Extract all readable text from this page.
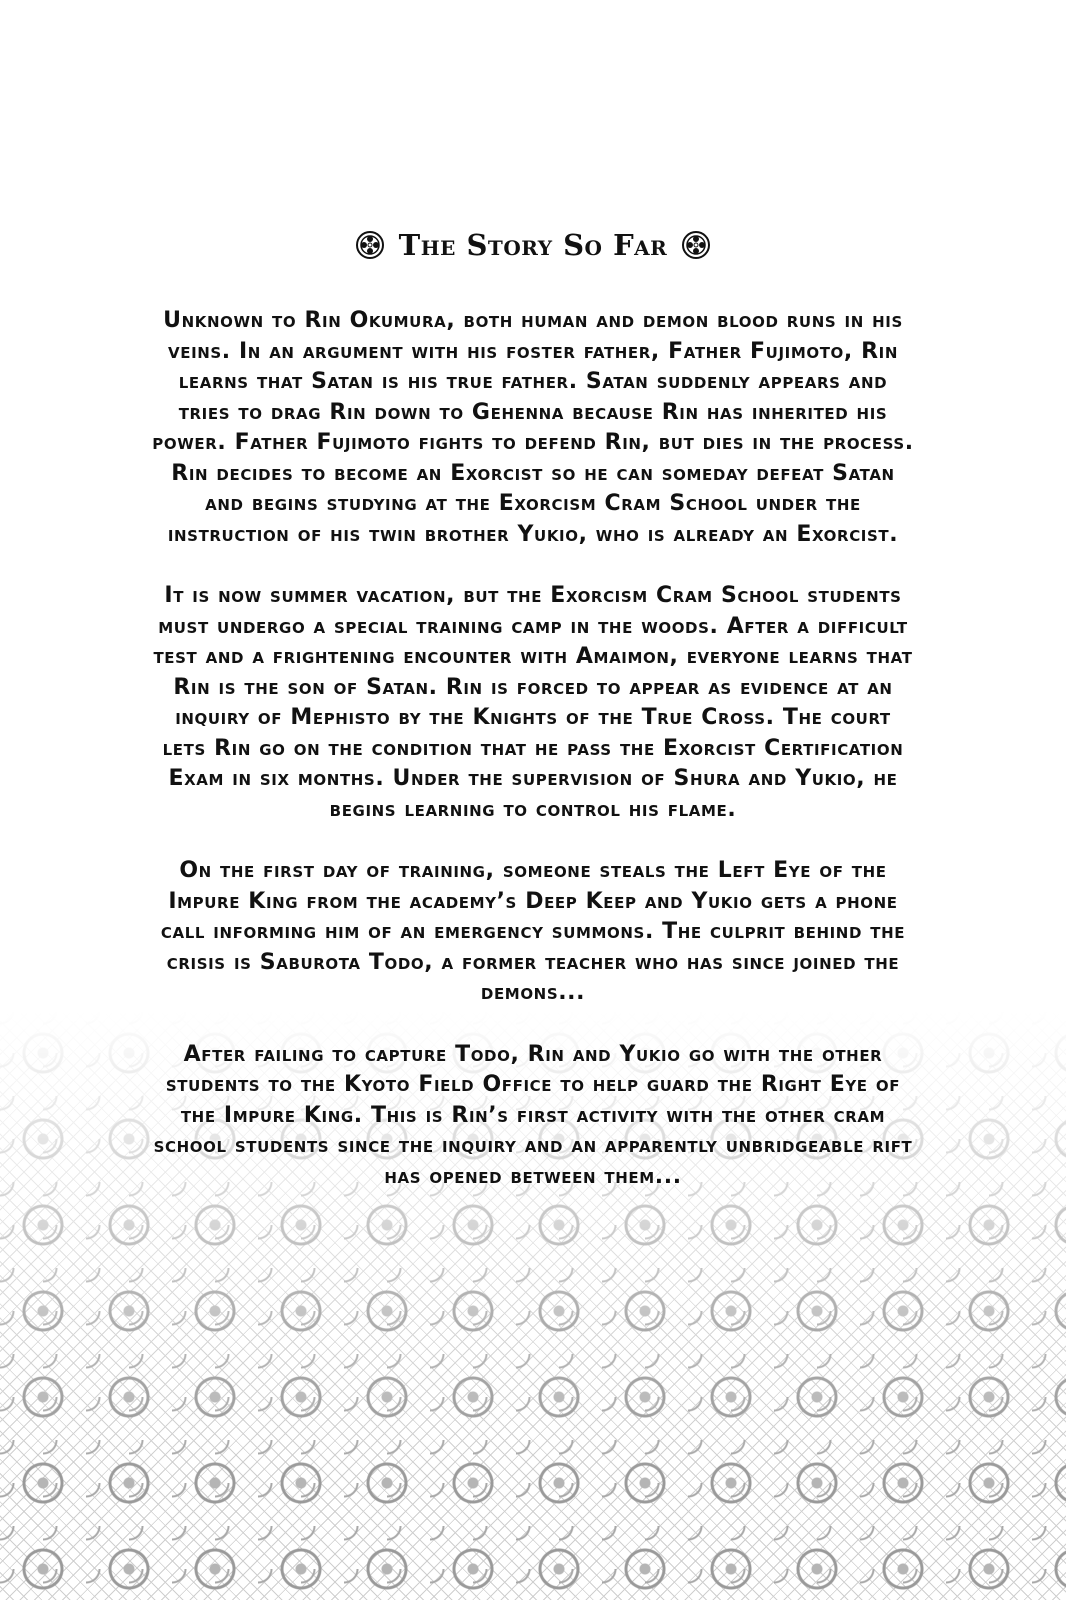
The Story So Far

Unknown to Rin Okumura, both human and demon blood runs in his veins. In an argument with his foster father, Father Fujimoto, Rin learns that Satan is his true father. Satan suddenly appears and tries to drag Rin down to Gehenna because Rin has inherited his power. Father Fujimoto fights to defend Rin, but dies in the process. Rin decides to become an Exorcist so he can someday defeat Satan and begins studying at the Exorcism Cram School under the instruction of his twin brother Yukio, who is already an Exorcist.

It is now summer vacation, but the Exorcism Cram School students must undergo a special training camp in the woods. After a difficult test and a frightening encounter with Amaimon, everyone learns that Rin is the son of Satan. Rin is forced to appear as evidence at an inquiry of Mephisto by the Knights of the True Cross. The court lets Rin go on the condition that he pass the Exorcist Certification Exam in six months. Under the supervision of Shura and Yukio, he begins learning to control his flame.

On the first day of training, someone steals the Left Eye of the Impure King from the academy’s Deep Keep and Yukio gets a phone call informing him of an emergency summons. The culprit behind the crisis is Saburota Todo, a former teacher who has since joined the demons...

After failing to capture Todo, Rin and Yukio go with the other students to the Kyoto Field Office to help guard the Right Eye of the Impure King. This is Rin’s first activity with the other cram school students since the inquiry and an apparently unbridgeable rift has opened between them...
